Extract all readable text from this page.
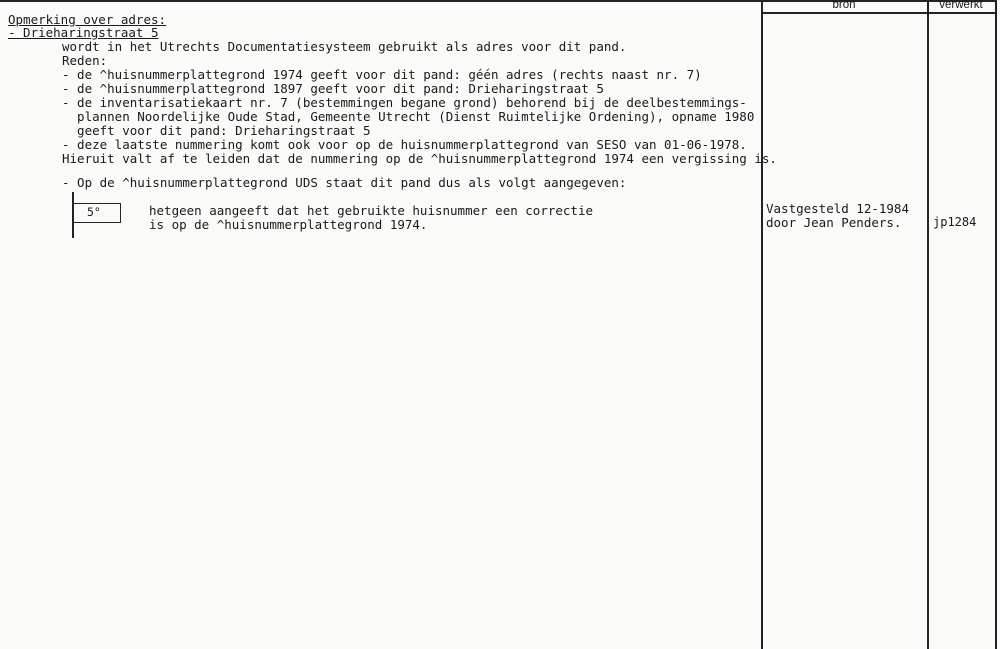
bron	verwerkt
Opmerking over adres:
- Drieharingstraat 5
wordt in het Utrechts Documentatiesysteem gebruikt als adres voor dit pand.
Reden:
- de ^huisnummerplattegrond 1974 geeft voor dit pand: géén adres (rechts naast nr. 7)
- de ^huisnummerplattegrond 1897 geeft voor dit pand: Drieharingstraat 5
- de inventarisatiekaart nr. 7 (bestemmingen begane grond) behorend bij de deelbestemmings-
plannen Noordelijke Oude Stad, Gemeente Utrecht (Dienst Ruimtelijke Ordening), opname 1980
geeft voor dit pand: Drieharingstraat 5
- deze laatste nummering komt ook voor op de huisnummerplattegrond van SESO van 01-06-1978.
Hieruit valt af te leiden dat de nummering op de ^huisnummerplattegrond 1974 een vergissing is.
- Op de ^huisnummerplattegrond UDS staat dit pand dus als volgt aangegeven:
5°	hetgeen aangeeft dat het gebruikte huisnummer een correctie
is op de ^huisnummerplattegrond 1974.
Vastgesteld 12-1984
door Jean Penders.	jp1284
